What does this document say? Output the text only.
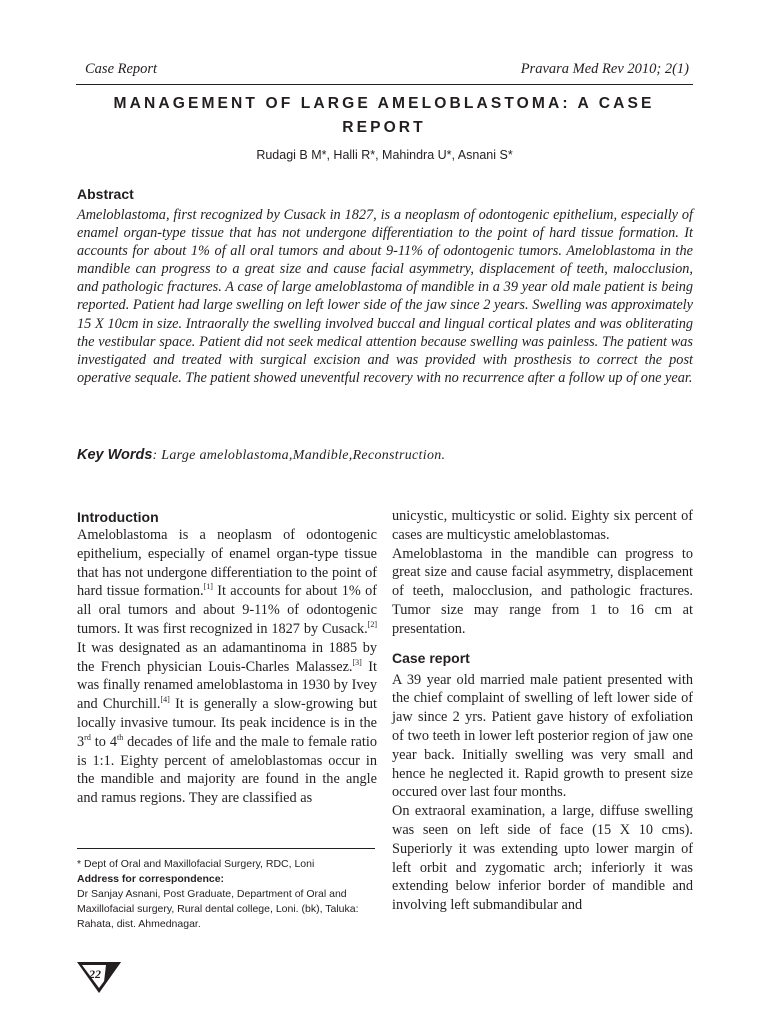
Case Report	Pravara Med Rev 2010; 2(1)
MANAGEMENT OF LARGE AMELOBLASTOMA: A CASE REPORT
Rudagi B M*, Halli R*, Mahindra U*, Asnani S*
Abstract
Ameloblastoma, first recognized by Cusack in 1827, is a neoplasm of odontogenic epithelium, especially of enamel organ-type tissue that has not undergone differentiation to the point of hard tissue formation. It accounts for about 1% of all oral tumors and about 9-11% of odontogenic tumors. Ameloblastoma in the mandible can progress to a great size and cause facial asymmetry, displacement of teeth, malocclusion, and pathologic fractures. A case of large ameloblastoma of mandible in a 39 year old male patient is being reported. Patient had large swelling on left lower side of the jaw since 2 years. Swelling was approximately 15 X 10cm in size. Intraorally the swelling involved buccal and lingual cortical plates and was obliterating the vestibular space. Patient did not seek medical attention because swelling was painless. The patient was investigated and treated with surgical excision and was provided with prosthesis to correct the post operative sequale. The patient showed uneventful recovery with no recurrence after a follow up of one year.
Key Words: Large ameloblastoma,Mandible,Reconstruction.
Introduction
Ameloblastoma is a neoplasm of odontogenic epithelium, especially of enamel organ-type tissue that has not undergone differentiation to the point of hard tissue formation.[1] It accounts for about 1% of all oral tumors and about 9-11% of odontogenic tumors. It was first recognized in 1827 by Cusack.[2] It was designated as an adamantinoma in 1885 by the French physician Louis-Charles Malassez.[3] It was finally renamed ameloblastoma in 1930 by Ivey and Churchill.[4] It is generally a slow-growing but locally invasive tumour. Its peak incidence is in the 3rd to 4th decades of life and the male to female ratio is 1:1. Eighty percent of ameloblastomas occur in the mandible and majority are found in the angle and ramus regions. They are classified as
unicystic, multicystic or solid. Eighty six percent of cases are multicystic ameloblastomas.
Ameloblastoma in the mandible can progress to great size and cause facial asymmetry, displacement of teeth, malocclusion, and pathologic fractures. Tumor size may range from 1 to 16 cm at presentation.
Case report
A 39 year old married male patient presented with the chief complaint of swelling of left lower side of jaw since 2 yrs. Patient gave history of exfoliation of two teeth in lower left posterior region of jaw one year back. Initially swelling was very small and hence he neglected it. Rapid growth to present size occured over last four months.
On extraoral examination, a large, diffuse swelling was seen on left side of face (15 X 10 cms). Superiorly it was extending upto lower margin of left orbit and zygomatic arch; inferiorly it was extending below inferior border of mandible and involving left submandibular and
* Dept of Oral and Maxillofacial Surgery, RDC, Loni
Address for correspondence:
Dr Sanjay Asnani, Post Graduate, Department of Oral and Maxillofacial surgery, Rural dental college, Loni. (bk), Taluka: Rahata, dist. Ahmednagar.
22
